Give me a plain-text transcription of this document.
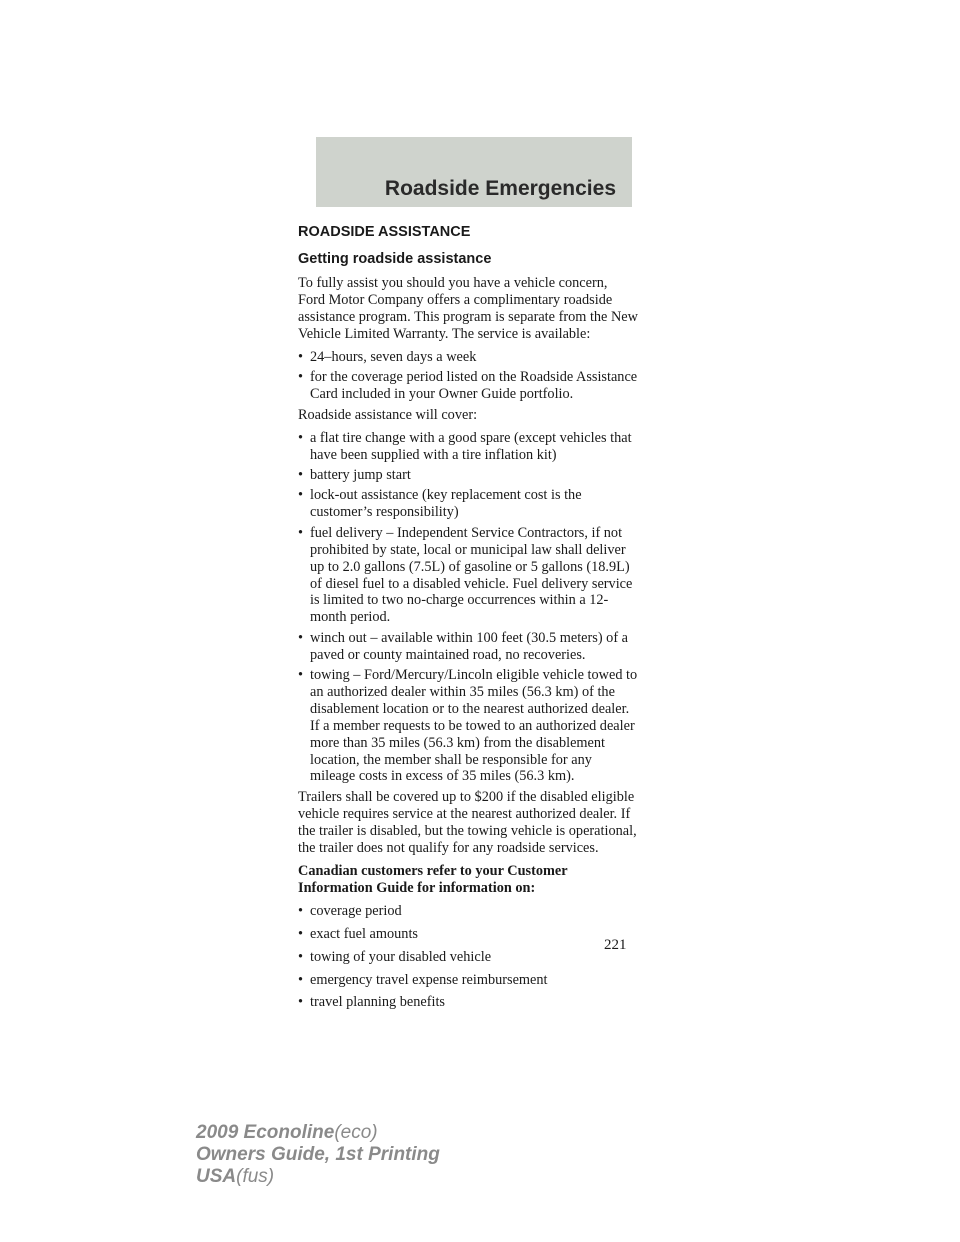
Roadside Emergencies
ROADSIDE ASSISTANCE
Getting roadside assistance

To fully assist you should you have a vehicle concern, Ford Motor Company offers a complimentary roadside assistance program. This program is separate from the New Vehicle Limited Warranty. The service is available:

• 24–hours, seven days a week
• for the coverage period listed on the Roadside Assistance Card included in your Owner Guide portfolio.

Roadside assistance will cover:

• a flat tire change with a good spare (except vehicles that have been supplied with a tire inflation kit)
• battery jump start
• lock-out assistance (key replacement cost is the customer’s responsibility)
• fuel delivery – Independent Service Contractors, if not prohibited by state, local or municipal law shall deliver up to 2.0 gallons (7.5L) of gasoline or 5 gallons (18.9L) of diesel fuel to a disabled vehicle. Fuel delivery service is limited to two no-charge occurrences within a 12-month period.
• winch out – available within 100 feet (30.5 meters) of a paved or county maintained road, no recoveries.
• towing – Ford/Mercury/Lincoln eligible vehicle towed to an authorized dealer within 35 miles (56.3 km) of the disablement location or to the nearest authorized dealer. If a member requests to be towed to an authorized dealer more than 35 miles (56.3 km) from the disablement location, the member shall be responsible for any mileage costs in excess of 35 miles (56.3 km).

Trailers shall be covered up to $200 if the disabled eligible vehicle requires service at the nearest authorized dealer. If the trailer is disabled, but the towing vehicle is operational, the trailer does not qualify for any roadside services.

Canadian customers refer to your Customer Information Guide for information on:

• coverage period
• exact fuel amounts
• towing of your disabled vehicle
• emergency travel expense reimbursement
• travel planning benefits
221
2009 Econoline(eco)
Owners Guide, 1st Printing
USA(fus)
